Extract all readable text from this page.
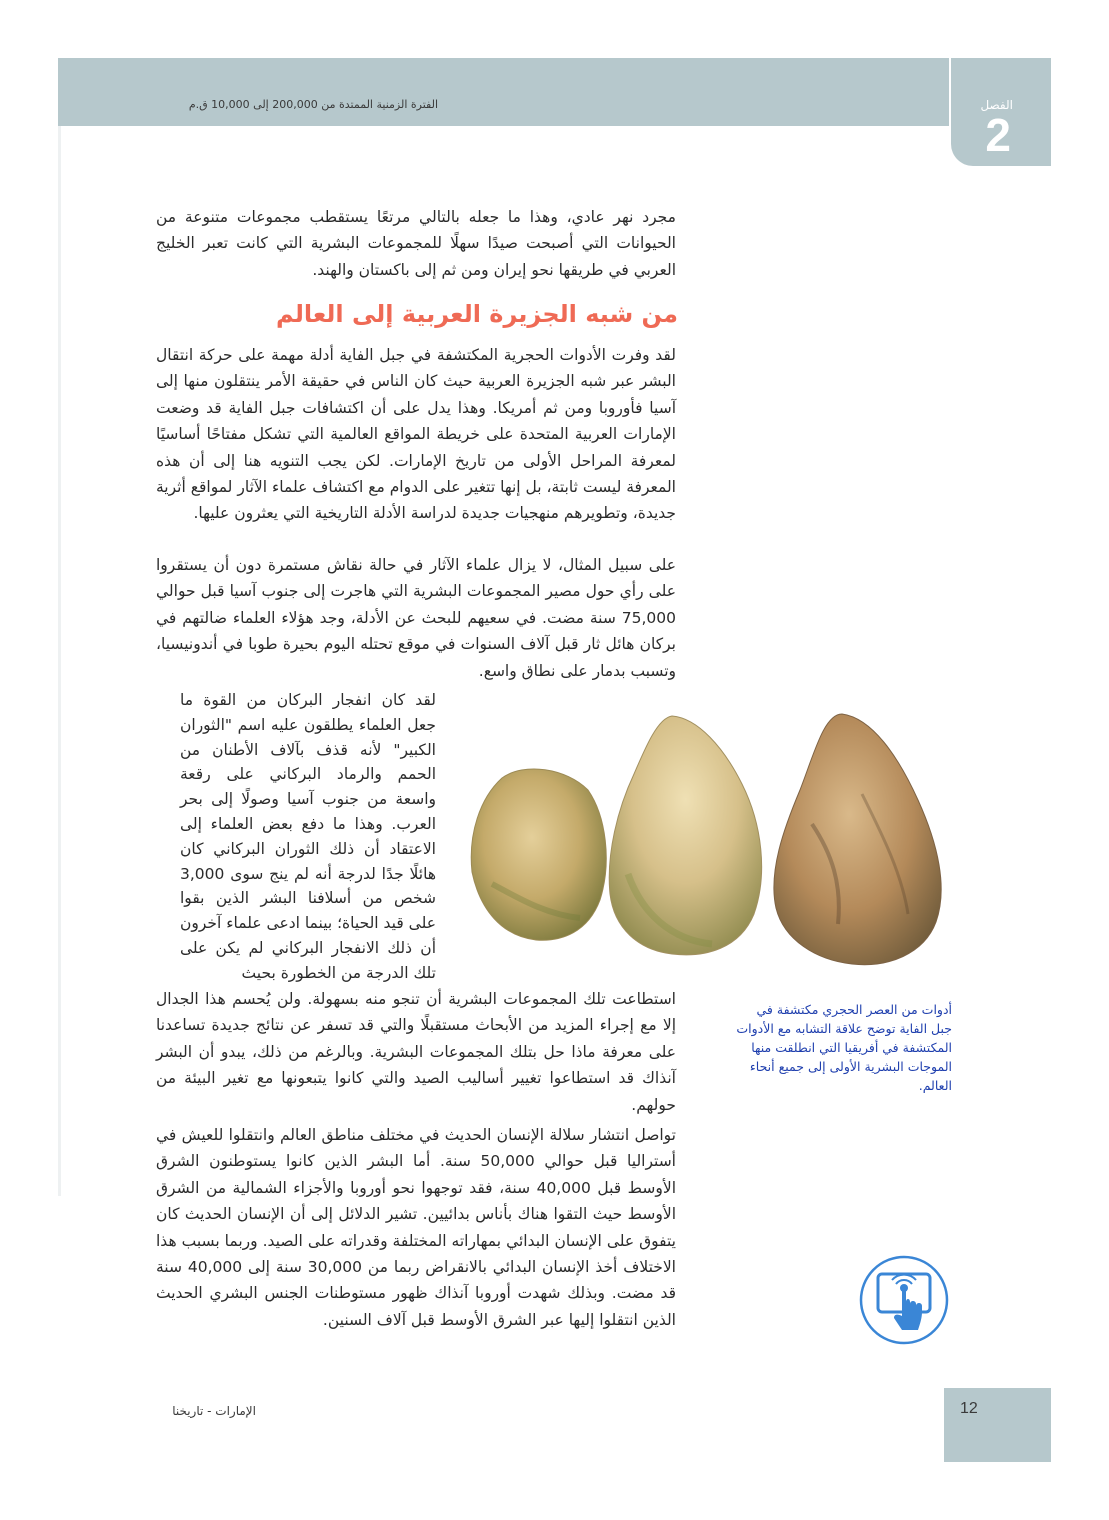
الفترة الزمنية الممتدة من 200,000 إلى 10,000 ق.م	الفصل
2

مجرد نهر عادي، وهذا ما جعله بالتالي مرتعًا يستقطب مجموعات متنوعة من الحيوانات التي أصبحت صيدًا سهلًا للمجموعات البشرية التي كانت تعبر الخليج العربي في طريقها نحو إيران ومن ثم إلى باكستان والهند.

من شبه الجزيرة العربية إلى العالم

لقد وفرت الأدوات الحجرية المكتشفة في جبل الفاية أدلة مهمة على حركة انتقال البشر عبر شبه الجزيرة العربية حيث كان الناس في حقيقة الأمر ينتقلون منها إلى آسيا فأوروبا ومن ثم أمريكا. وهذا يدل على أن اكتشافات جبل الفاية قد وضعت الإمارات العربية المتحدة على خريطة المواقع العالمية التي تشكل مفتاحًا أساسيًا لمعرفة المراحل الأولى من تاريخ الإمارات. لكن يجب التنويه هنا إلى أن هذه المعرفة ليست ثابتة، بل إنها تتغير على الدوام مع اكتشاف علماء الآثار لمواقع أثرية جديدة، وتطويرهم منهجيات جديدة لدراسة الأدلة التاريخية التي يعثرون عليها.

على سبيل المثال، لا يزال علماء الآثار في حالة نقاش مستمرة دون أن يستقروا على رأي حول مصير المجموعات البشرية التي هاجرت إلى جنوب آسيا قبل حوالي 75,000 سنة مضت. في سعيهم للبحث عن الأدلة، وجد هؤلاء العلماء ضالتهم في بركان هائل ثار قبل آلاف السنوات في موقع تحتله اليوم بحيرة طوبا في أندونيسيا، وتسبب بدمار على نطاق واسع.

لقد كان انفجار البركان من القوة ما جعل العلماء يطلقون عليه اسم "الثوران الكبير" لأنه قذف بآلاف الأطنان من الحمم والرماد البركاني على رقعة واسعة من جنوب آسيا وصولًا إلى بحر العرب. وهذا ما دفع بعض العلماء إلى الاعتقاد أن ذلك الثوران البركاني كان هائلًا جدًا لدرجة أنه لم ينج سوى 3,000 شخص من أسلافنا البشر الذين بقوا على قيد الحياة؛ بينما ادعى علماء آخرون أن ذلك الانفجار البركاني لم يكن على تلك الدرجة من الخطورة بحيث

استطاعت تلك المجموعات البشرية أن تنجو منه بسهولة. ولن يُحسم هذا الجدال إلا مع إجراء المزيد من الأبحاث مستقبلًا والتي قد تسفر عن نتائج جديدة تساعدنا على معرفة ماذا حل بتلك المجموعات البشرية. وبالرغم من ذلك، يبدو أن البشر آنذاك قد استطاعوا تغيير أساليب الصيد والتي كانوا يتبعونها مع تغير البيئة من حولهم.

تواصل انتشار سلالة الإنسان الحديث في مختلف مناطق العالم وانتقلوا للعيش في أستراليا قبل حوالي 50,000 سنة. أما البشر الذين كانوا يستوطنون الشرق الأوسط قبل 40,000 سنة، فقد توجهوا نحو أوروبا والأجزاء الشمالية من الشرق الأوسط حيث التقوا هناك بأناس بدائيين. تشير الدلائل إلى أن الإنسان الحديث كان يتفوق على الإنسان البدائي بمهاراته المختلفة وقدراته على الصيد. وربما بسبب هذا الاختلاف أخذ الإنسان البدائي بالانقراض ربما من 30,000 سنة إلى 40,000 سنة قد مضت. وبذلك شهدت أوروبا آنذاك ظهور مستوطنات الجنس البشري الحديث الذين انتقلوا إليها عبر الشرق الأوسط قبل آلاف السنين.

أدوات من العصر الحجري مكتشفة في جبل الفاية توضح علاقة التشابه مع الأدوات المكتشفة في أفريقيا التي انطلقت منها الموجات البشرية الأولى إلى جميع أنحاء العالم.
12
الإمارات - تاريخنا
